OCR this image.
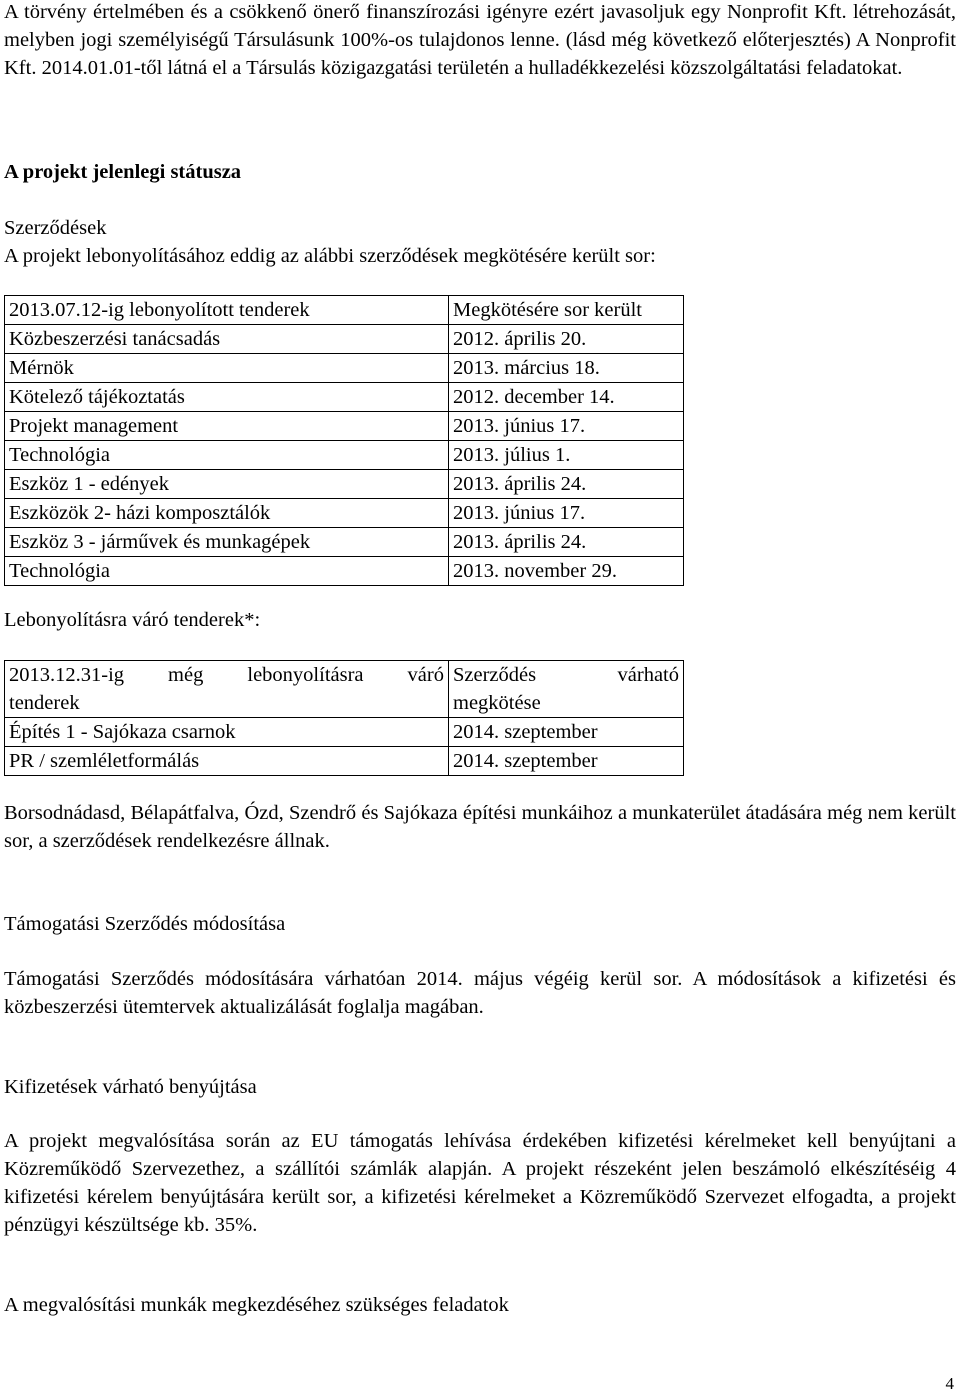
A törvény értelmében és a csökkenő önerő finanszírozási igényre ezért javasoljuk egy Nonprofit Kft. létrehozását, melyben jogi személyiségű Társulásunk 100%-os tulajdonos lenne. (lásd még következő előterjesztés) A Nonprofit Kft. 2014.01.01-től látná el a Társulás közigazgatási területén a hulladékkezelési közszolgáltatási feladatokat.

A projekt jelenlegi státusza

Szerződések

A projekt lebonyolításához eddig az alábbi szerződések megkötésére került sor:

2013.07.12-ig lebonyolított tenderek	Megkötésére sor került
Közbeszerzési tanácsadás	2012. április 20.
Mérnök	2013. március 18.
Kötelező tájékoztatás	2012. december 14.
Projekt management	2013. június 17.
Technológia	2013. július 1.
Eszköz 1 - edények	2013. április 24.
Eszközök 2- házi komposztálók	2013. június 17.
Eszköz 3 - járművek és munkagépek	2013. április 24.
Technológia	2013. november 29.

Lebonyolításra váró tenderek*:

2013.12.31-ig még lebonyolításra váró
tenderek	Szerződés várható
megkötése

Építés 1 - Sajókaza csarnok	2014. szeptember
PR / szemléletformálás	2014. szeptember

Borsodnádasd, Bélapátfalva, Ózd, Szendrő és Sajókaza építési munkáihoz a munkaterület átadására még nem került sor, a szerződések rendelkezésre állnak.

Támogatási Szerződés módosítása

Támogatási Szerződés módosítására várhatóan 2014. május végéig kerül sor. A módosítások a kifizetési és közbeszerzési ütemtervek aktualizálását foglalja magában.

Kifizetések várható benyújtása

A projekt megvalósítása során az EU támogatás lehívása érdekében kifizetési kérelmeket kell benyújtani a Közreműködő Szervezethez, a szállítói számlák alapján. A projekt részeként jelen beszámoló elkészítéséig 4 kifizetési kérelem benyújtására került sor, a kifizetési kérelmeket a Közreműködő Szervezet elfogadta, a projekt pénzügyi készültsége kb. 35%.

A megvalósítási munkák megkezdéséhez szükséges feladatok

4
